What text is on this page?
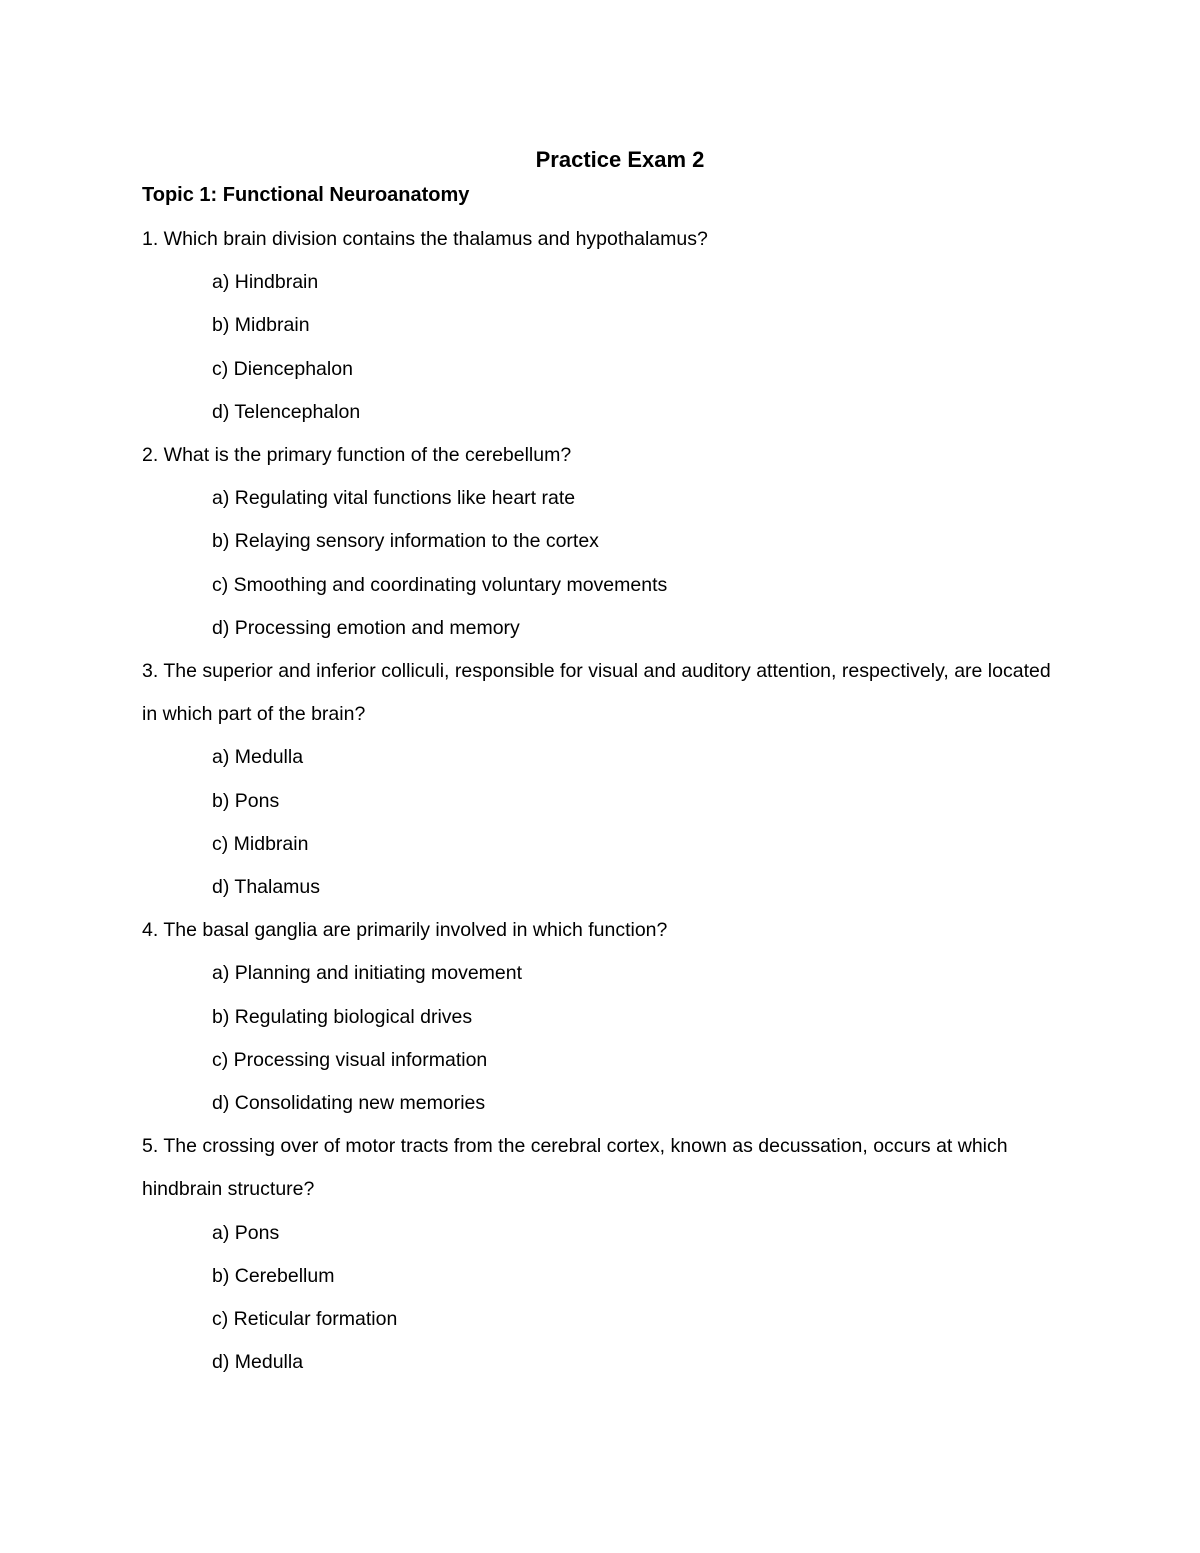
Practice Exam 2
Topic 1: Functional Neuroanatomy

1. Which brain division contains the thalamus and hypothalamus?

a) Hindbrain
b) Midbrain
c) Diencephalon
d) Telencephalon

2. What is the primary function of the cerebellum?

a) Regulating vital functions like heart rate
b) Relaying sensory information to the cortex
c) Smoothing and coordinating voluntary movements
d) Processing emotion and memory

3. The superior and inferior colliculi, responsible for visual and auditory attention, respectively, are located in which part of the brain?

a) Medulla
b) Pons
c) Midbrain
d) Thalamus

4. The basal ganglia are primarily involved in which function?

a) Planning and initiating movement
b) Regulating biological drives
c) Processing visual information
d) Consolidating new memories

5. The crossing over of motor tracts from the cerebral cortex, known as decussation, occurs at which hindbrain structure?

a) Pons
b) Cerebellum
c) Reticular formation
d) Medulla
